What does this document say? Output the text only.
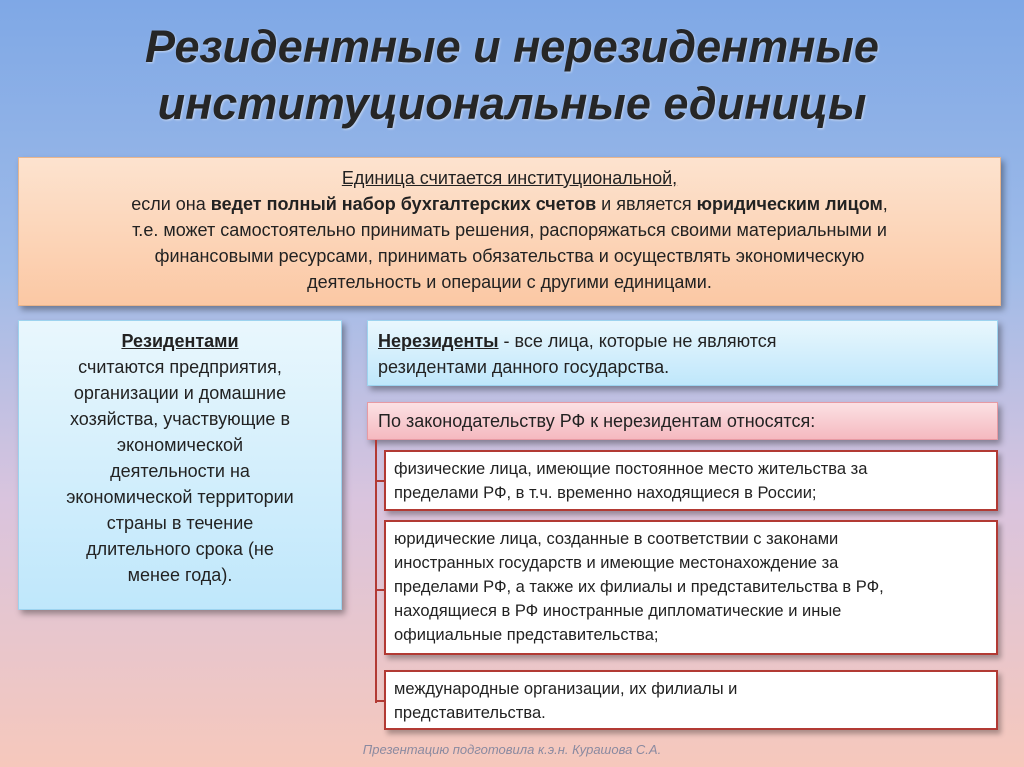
Резидентные и нерезидентные
институциональные единицы
Единица считается институциональной,
если она ведет полный набор бухгалтерских счетов и является юридическим лицом,
т.е. может самостоятельно принимать решения, распоряжаться своими материальными и
финансовыми ресурсами, принимать обязательства и осуществлять экономическую
деятельность и операции с другими единицами.
Резидентами
считаются предприятия,
организации и домашние
хозяйства, участвующие в
экономической
деятельности на
экономической территории
страны в течение
длительного срока (не
менее года).
Нерезиденты - все лица, которые не являются
резидентами данного государства.
По законодательству РФ к нерезидентам относятся:
физические лица, имеющие постоянное место жительства за
пределами РФ, в т.ч. временно находящиеся в России;
юридические лица, созданные в соответствии с законами
иностранных государств и имеющие местонахождение за
пределами РФ, а также их филиалы и представительства в РФ,
находящиеся в РФ иностранные дипломатические и иные
официальные представительства;
международные организации, их филиалы и
представительства.
Презентацию подготовила к.э.н. Курашова С.А.
